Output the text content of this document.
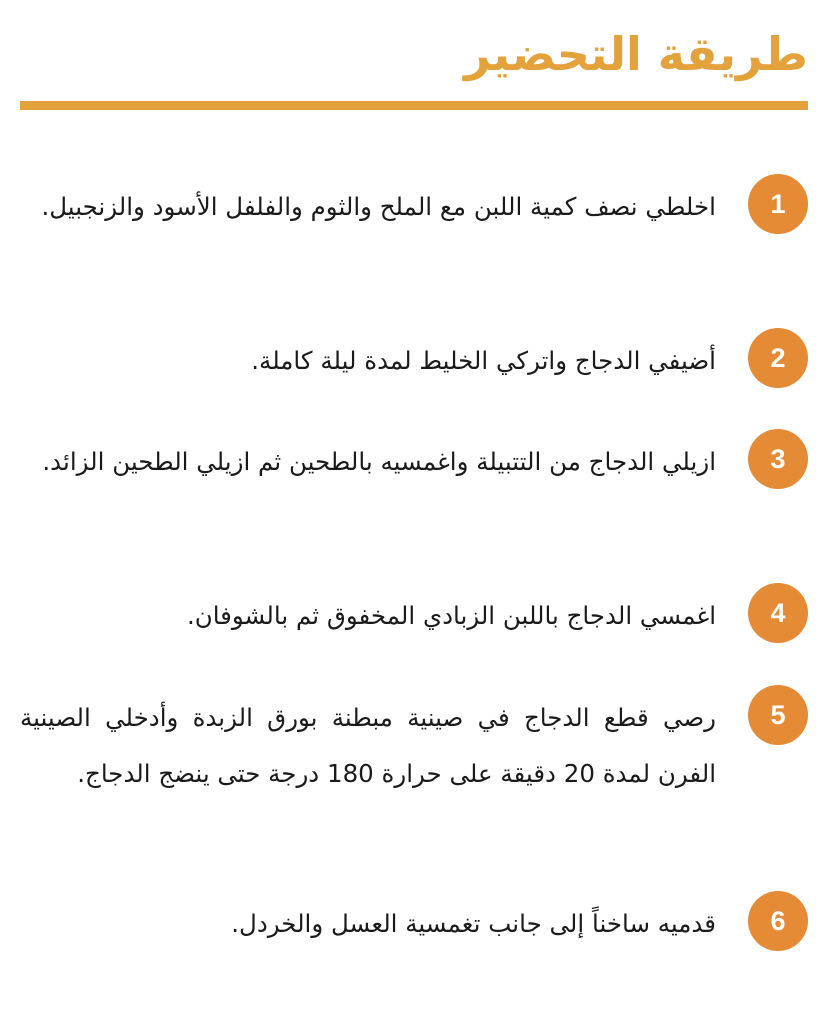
طريقة التحضير
1

اخلطي نصف كمية اللبن مع الملح والثوم والفلفل الأسود والزنجبيل.

2

أضيفي الدجاج واتركي الخليط لمدة ليلة كاملة.

3

ازيلي الدجاج من التتبيلة واغمسيه بالطحين ثم ازيلي الطحين الزائد.

4

اغمسي الدجاج باللبن الزبادي المخفوق ثم بالشوفان.

5

رصي قطع الدجاج في صينية مبطنة بورق الزبدة وأدخلي الصينية الفرن لمدة 20 دقيقة على حرارة 180 درجة حتى ينضج الدجاج.

6

قدميه ساخناً إلى جانب تغمسية العسل والخردل.
